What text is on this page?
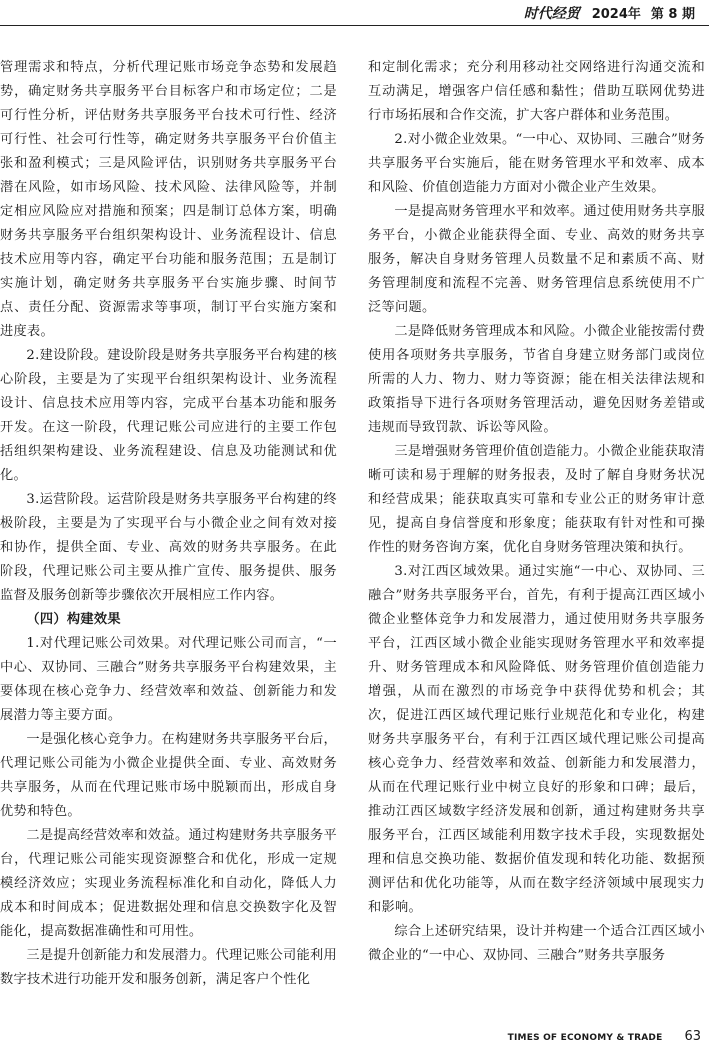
时代经贸 2024年 第 8 期

管理需求和特点，分析代理记账市场竞争态势和发展趋势，确定财务共享服务平台目标客户和市场定位；二是可行性分析，评估财务共享服务平台技术可行性、经济可行性、社会可行性等，确定财务共享服务平台价值主张和盈利模式；三是风险评估，识别财务共享服务平台潜在风险，如市场风险、技术风险、法律风险等，并制定相应风险应对措施和预案；四是制订总体方案，明确财务共享服务平台组织架构设计、业务流程设计、信息技术应用等内容，确定平台功能和服务范围；五是制订实施计划，确定财务共享服务平台实施步骤、时间节点、责任分配、资源需求等事项，制订平台实施方案和进度表。

2.建设阶段。建设阶段是财务共享服务平台构建的核心阶段，主要是为了实现平台组织架构设计、业务流程设计、信息技术应用等内容，完成平台基本功能和服务开发。在这一阶段，代理记账公司应进行的主要工作包括组织架构建设、业务流程建设、信息及功能测试和优化。

3.运营阶段。运营阶段是财务共享服务平台构建的终极阶段，主要是为了实现平台与小微企业之间有效对接和协作，提供全面、专业、高效的财务共享服务。在此阶段，代理记账公司主要从推广宣传、服务提供、服务监督及服务创新等步骤依次开展相应工作内容。

（四）构建效果

1.对代理记账公司效果。对代理记账公司而言，“一中心、双协同、三融合”财务共享服务平台构建效果，主要体现在核心竞争力、经营效率和效益、创新能力和发展潜力等主要方面。

一是强化核心竞争力。在构建财务共享服务平台后，代理记账公司能为小微企业提供全面、专业、高效财务共享服务，从而在代理记账市场中脱颖而出，形成自身优势和特色。

二是提高经营效率和效益。通过构建财务共享服务平台，代理记账公司能实现资源整合和优化，形成一定规模经济效应；实现业务流程标准化和自动化，降低人力成本和时间成本；促进数据处理和信息交换数字化及智能化，提高数据准确性和可用性。

三是提升创新能力和发展潜力。代理记账公司能利用数字技术进行功能开发和服务创新，满足客户个性化

和定制化需求；充分利用移动社交网络进行沟通交流和互动满足，增强客户信任感和黏性；借助互联网优势进行市场拓展和合作交流，扩大客户群体和业务范围。

2.对小微企业效果。“一中心、双协同、三融合”财务共享服务平台实施后，能在财务管理水平和效率、成本和风险、价值创造能力方面对小微企业产生效果。

一是提高财务管理水平和效率。通过使用财务共享服务平台，小微企业能获得全面、专业、高效的财务共享服务，解决自身财务管理人员数量不足和素质不高、财务管理制度和流程不完善、财务管理信息系统使用不广泛等问题。

二是降低财务管理成本和风险。小微企业能按需付费使用各项财务共享服务，节省自身建立财务部门或岗位所需的人力、物力、财力等资源；能在相关法律法规和政策指导下进行各项财务管理活动，避免因财务差错或违规而导致罚款、诉讼等风险。

三是增强财务管理价值创造能力。小微企业能获取清晰可读和易于理解的财务报表，及时了解自身财务状况和经营成果；能获取真实可靠和专业公正的财务审计意见，提高自身信誉度和形象度；能获取有针对性和可操作性的财务咨询方案，优化自身财务管理决策和执行。

3.对江西区域效果。通过实施“一中心、双协同、三融合”财务共享服务平台，首先，有利于提高江西区域小微企业整体竞争力和发展潜力，通过使用财务共享服务平台，江西区域小微企业能实现财务管理水平和效率提升、财务管理成本和风险降低、财务管理价值创造能力增强，从而在激烈的市场竞争中获得优势和机会；其次，促进江西区域代理记账行业规范化和专业化，构建财务共享服务平台，有利于江西区域代理记账公司提高核心竞争力、经营效率和效益、创新能力和发展潜力，从而在代理记账行业中树立良好的形象和口碑；最后，推动江西区域数字经济发展和创新，通过构建财务共享服务平台，江西区域能利用数字技术手段，实现数据处理和信息交换功能、数据价值发现和转化功能、数据预测评估和优化功能等，从而在数字经济领域中展现实力和影响。

综合上述研究结果，设计并构建一个适合江西区域小微企业的“一中心、双协同、三融合”财务共享服务

TIMES OF ECONOMY & TRADE 63
